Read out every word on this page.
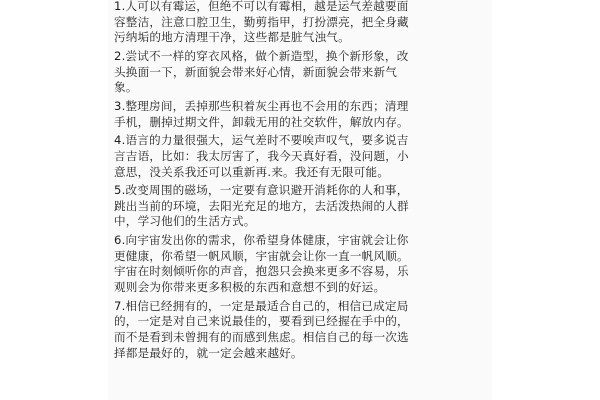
1.人可以有霉运，但绝不可以有霉相，越是运气差越要面
容整洁，注意口腔卫生，勤剪指甲，打扮漂亮，把全身藏
污纳垢的地方清理干净，这些都是脏气浊气。
2.尝试不一样的穿衣风格，做个新造型，换个新形象，改
头换面一下，新面貌会带来好心情，新面貌会带来新气
象。
3.整理房间，丢掉那些积着灰尘再也不会用的东西；清理
手机，删掉过期文件，卸载无用的社交软件，解放内存。
4.语言的力量很强大，运气差时不要唉声叹气，要多说吉
言吉语，比如：我太厉害了，我今天真好看，没问题，小
意思，没关系我还可以重新再.来。我还有无限可能。
5.改变周围的磁场，一定要有意识避开消耗你的人和事，
跳出当前的环境，去阳光充足的地方，去活泼热闹的人群
中，学习他们的生活方式。
6.向宇宙发出你的需求，你希望身体健康，宇宙就会让你
更健康，你希望一帆风顺，宇宙就会让你一直一帆风顺。
宇宙在时刻倾听你的声音，抱怨只会换来更多不容易，乐
观则会为你带来更多积极的东西和意想不到的好运。
7.相信已经拥有的，一定是最适合自己的，相信已成定局
的，一定是对自己来说最佳的，要看到已经握在手中的，
而不是看到未曾拥有的而感到焦虑。相信自己的每一次选
择都是最好的，就一定会越来越好。
